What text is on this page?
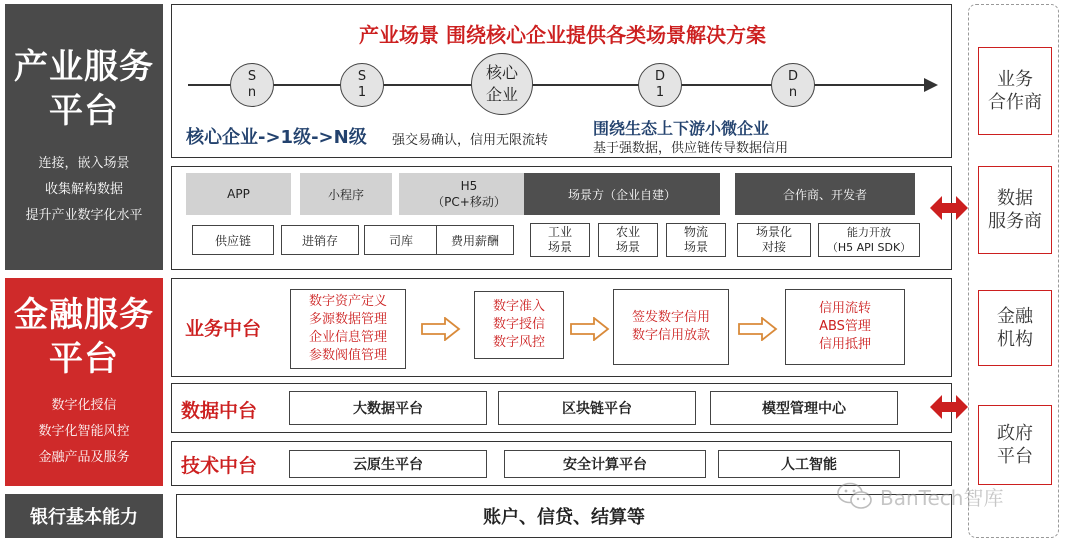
产业服务
平台
连接，嵌入场景
收集解构数据
提升产业数字化水平
金融服务
平台
数字化授信
数字化智能风控
金融产品及服务
银行基本能力
产业场景 围绕核心企业提供各类场景解决方案
S
n
S
1
核心
企业
D
1
D
n
核心企业->1级->N级 强交易确认，信用无限流转
围绕生态上下游小微企业
基于强数据，供应链传导数据信用
APP	小程序
H5
（PC+移动）
场景方（企业自建）	合作商、开发者
供应链	进销存	司库	费用薪酬
工业
场景
农业
场景
物流
场景
场景化
对接
能力开放
（H5 API SDK）
业务中台
数字资产定义
多源数据管理
企业信息管理
参数阀值管理
数字准入
数字授信
数字风控
签发数字信用
数字信用放款
信用流转
ABS管理
信用抵押
数据中台	大数据平台	区块链平台	模型管理中心
技术中台	云原生平台	安全计算平台	人工智能
账户、信贷、结算等
业务
合作商
数据
服务商
金融
机构
政府
平台
BanTech智库
